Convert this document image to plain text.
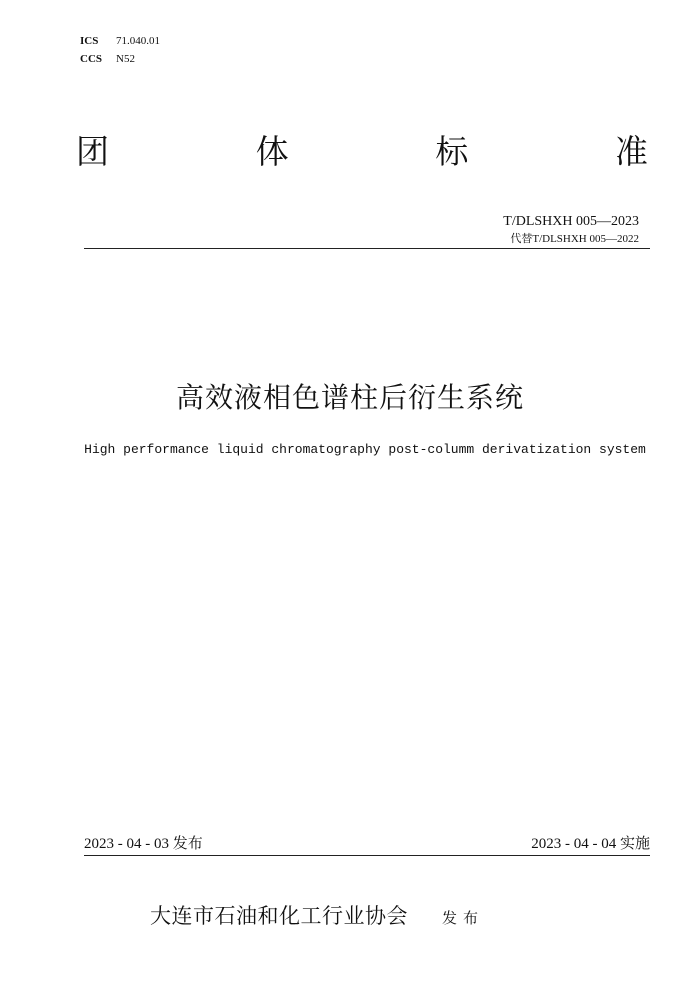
ICS	71.040.01
CCS	N52
团	体	标	准
T/DLSHXH 005—2023
代替T/DLSHXH 005—2022
高效液相色谱柱后衍生系统
High performance liquid chromatography post-columm derivatization system
2023 - 04 - 03 发布	2023 - 04 - 04 实施
大连市石油和化工行业协会 发布
